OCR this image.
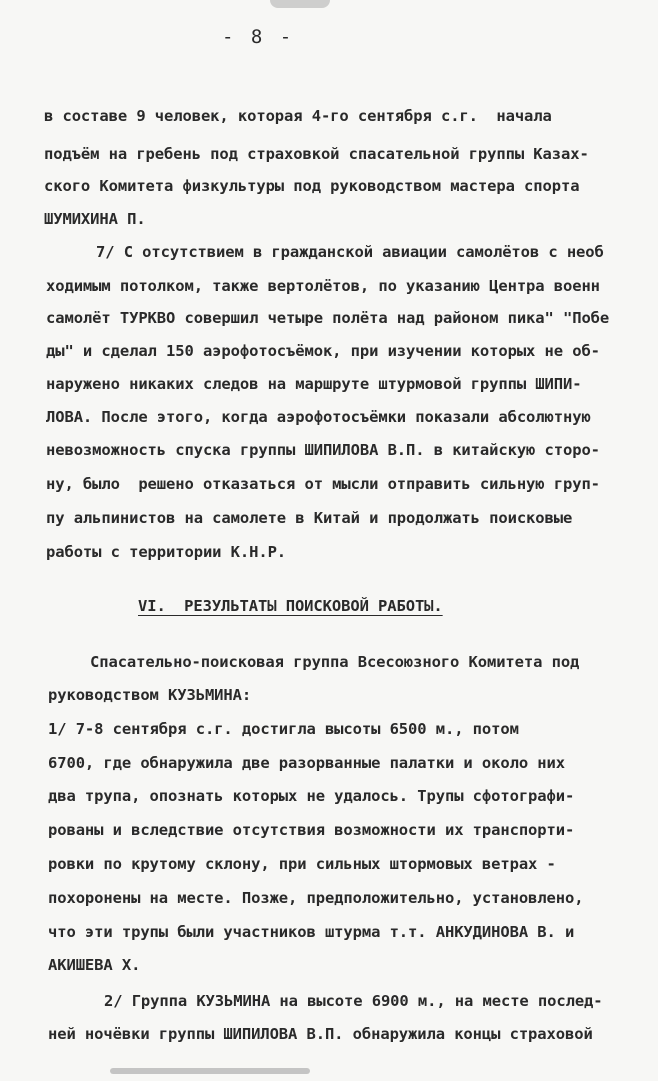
- 8 -
в составе 9 человек, которая 4-го сентября с.г.  начала
подъём на гребень под страховкой спасательной группы Казах-
ского Комитета физкультуры под руководством мастера спорта
ШУМИХИНА П.
7/ С отсутствием в гражданской авиации самолётов с необ
ходимым потолком, также вертолётов, по указанию Центра военн
самолёт ТУРКВО совершил четыре полёта над районом пика" "Побе
ды" и сделал 150 аэрофотосъёмок, при изучении которых не об-
наружено никаких следов на маршруте штурмовой группы ШИПИ-
ЛОВА. После этого, когда аэрофотосъёмки показали абсолютную
невозможность спуска группы ШИПИЛОВА В.П. в китайскую сторо-
ну, было  решено отказаться от мысли отправить сильную груп-
пу альпинистов на самолете в Китай и продолжать поисковые
работы с территории К.Н.Р.
VI.  РЕЗУЛЬТАТЫ ПОИСКОВОЙ РАБОТЫ.
Спасательно-поисковая группа Всесоюзного Комитета под
руководством КУЗЬМИНА:
1/ 7-8 сентября с.г. достигла высоты 6500 м., потом
6700, где обнаружила две разорванные палатки и около них
два трупа, опознать которых не удалось. Трупы сфотографи-
рованы и вследствие отсутствия возможности их транспорти-
ровки по крутому склону, при сильных штормовых ветрах -
похоронены на месте. Позже, предположительно, установлено,
что эти трупы были участников штурма т.т. АНКУДИНОВА В. и
АКИШЕВА Х.
2/ Группа КУЗЬМИНА на высоте 6900 м., на месте послед-
ней ночёвки группы ШИПИЛОВА В.П. обнаружила концы страховой
